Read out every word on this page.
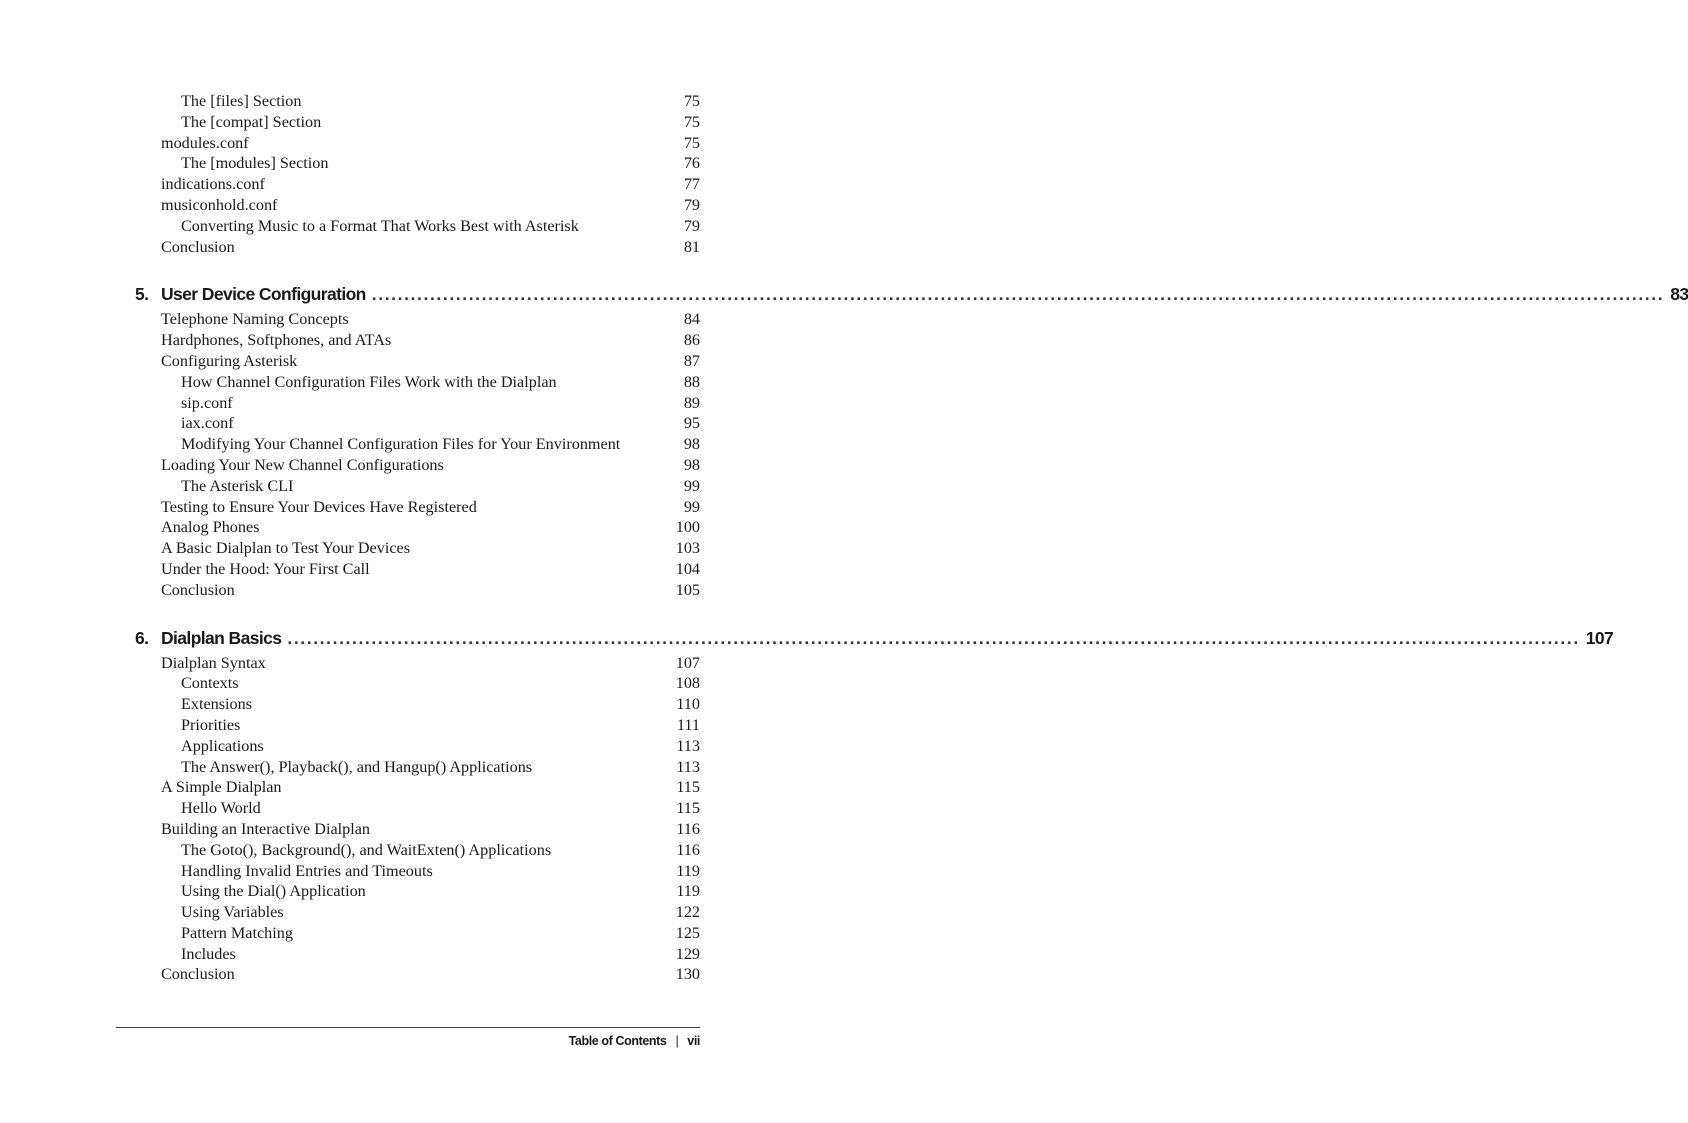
The [files] Section	75
The [compat] Section	75
modules.conf	75
The [modules] Section	76
indications.conf	77
musiconhold.conf	79
Converting Music to a Format That Works Best with Asterisk	79
Conclusion	81
5. User Device Configuration ........................................................................................................................................................................................................ 83
Telephone Naming Concepts	84
Hardphones, Softphones, and ATAs	86
Configuring Asterisk	87
How Channel Configuration Files Work with the Dialplan	88
sip.conf	89
iax.conf	95
Modifying Your Channel Configuration Files for Your Environment	98
Loading Your New Channel Configurations	98
The Asterisk CLI	99
Testing to Ensure Your Devices Have Registered	99
Analog Phones	100
A Basic Dialplan to Test Your Devices	103
Under the Hood: Your First Call	104
Conclusion	105
6. Dialplan Basics ........................................................................................................................................................................................................ 107
Dialplan Syntax	107
Contexts	108
Extensions	110
Priorities	111
Applications	113
The Answer(), Playback(), and Hangup() Applications	113
A Simple Dialplan	115
Hello World	115
Building an Interactive Dialplan	116
The Goto(), Background(), and WaitExten() Applications	116
Handling Invalid Entries and Timeouts	119
Using the Dial() Application	119
Using Variables	122
Pattern Matching	125
Includes	129
Conclusion	130
Table of Contents | vii
